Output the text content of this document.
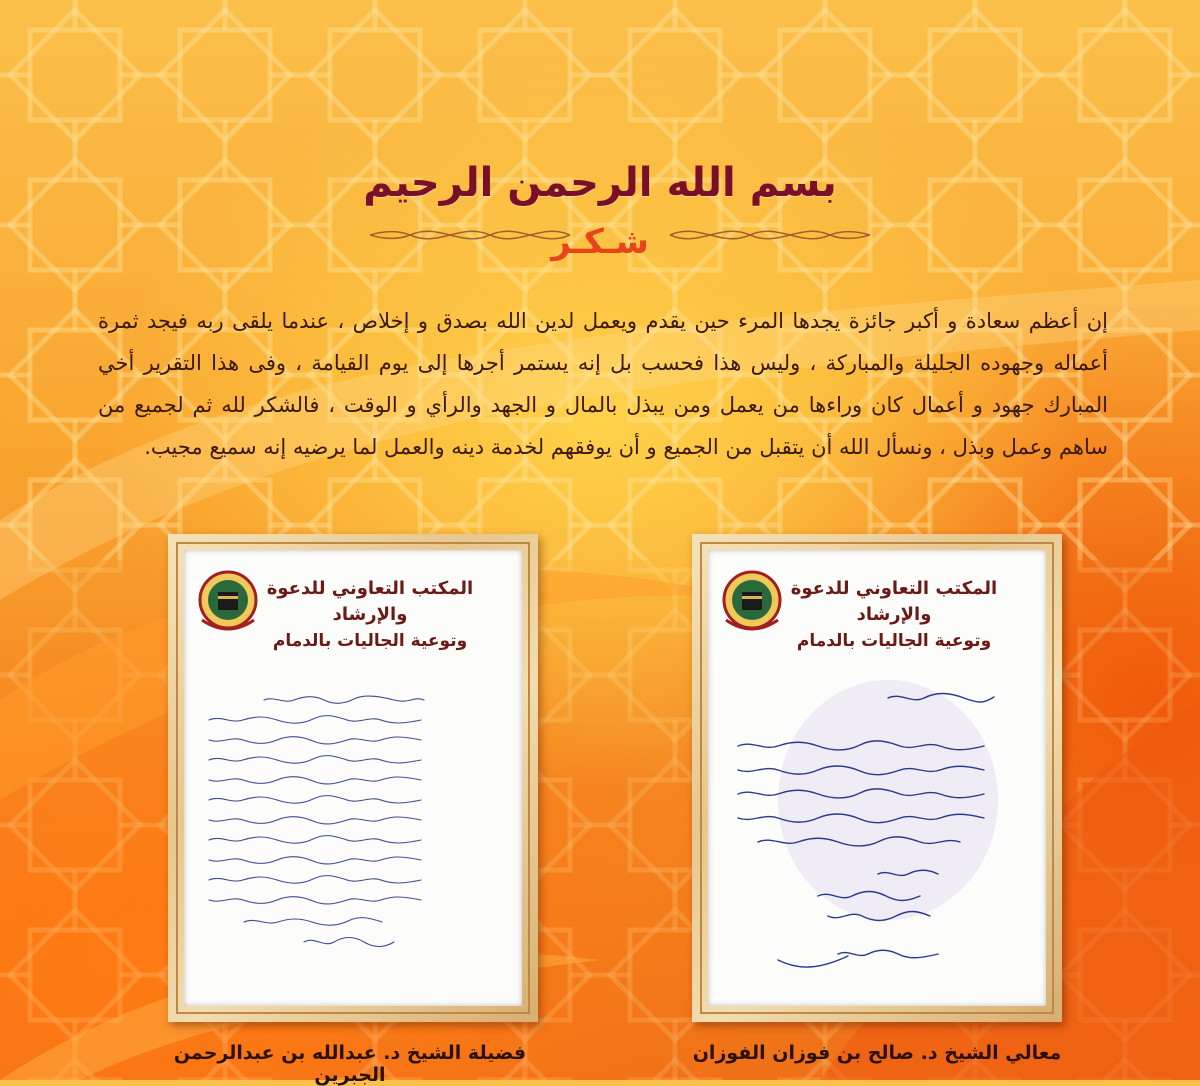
بسم الله الرحمن الرحيم
شـكـر
إن أعظم سعادة و أكبر جائزة يجدها المرء حين يقدم ويعمل لدين الله بصدق و إخلاص ، عندما يلقى ربه فيجد ثمرة أعماله وجهوده الجليلة والمباركة ، وليس هذا فحسب بل إنه يستمر أجرها إلى يوم القيامة ، وفى هذا التقرير أخي المبارك جهود و أعمال كان وراءها من يعمل ومن يبذل بالمال و الجهد والرأي و الوقت ، فالشكر لله ثم لجميع من ساهم وعمل وبذل ، ونسأل الله أن يتقبل من الجميع و أن يوفقهم لخدمة دينه والعمل لما يرضيه إنه سميع مجيب.
المكتب التعاوني للدعوة والإرشاد
وتوعية الجاليات بالدمام
فضيلة الشيخ د. عبدالله بن عبدالرحمن الجبرين
المكتب التعاوني للدعوة والإرشاد
وتوعية الجاليات بالدمام
معالي الشيخ د. صالح بن فوزان الفوزان
